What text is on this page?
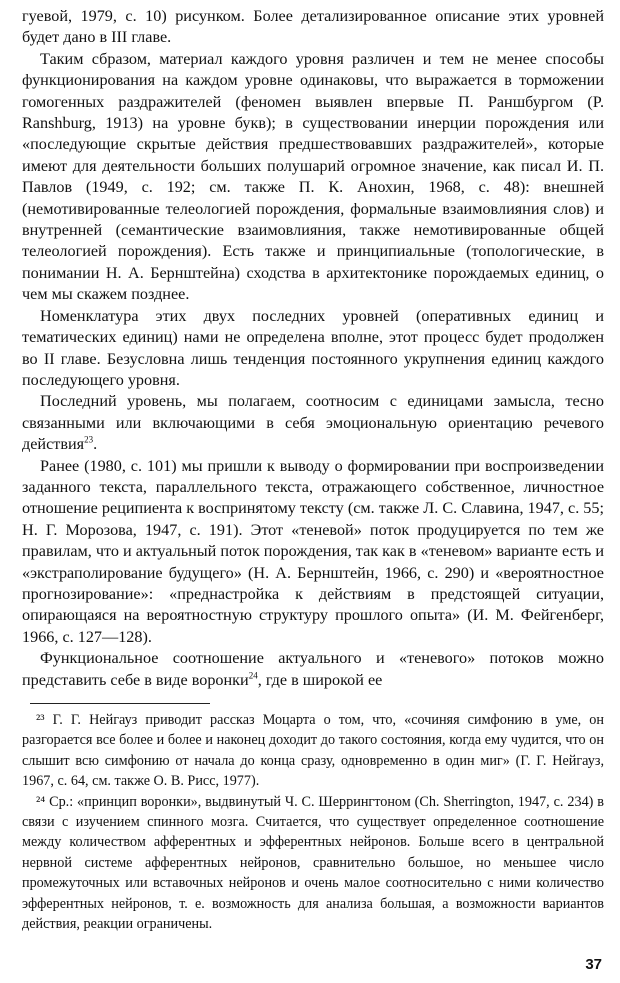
гуевой, 1979, с. 10) рисунком. Более детализированное описание этих уровней будет дано в III главе.

Таким сбразом, материал каждого уровня различен и тем не менее способы функционирования на каждом уровне одинаковы, что выражается в торможении гомогенных раздражителей (феномен выявлен впервые П. Раншбургом (P. Ranshburg, 1913) на уровне букв); в существовании инерции порождения или «последующие скрытые действия предшествовавших раздражителей», которые имеют для деятельности больших полушарий огромное значение, как писал И. П. Павлов (1949, с. 192; см. также П. К. Анохин, 1968, с. 48): внешней (немотивированные телеологией порождения, формальные взаимовлияния слов) и внутренней (семантические взаимовлияния, также немотивированные общей телеологией порождения). Есть также и принципиальные (топологические, в понимании Н. А. Бернштейна) сходства в архитектонике порождаемых единиц, о чем мы скажем позднее.

Номенклатура этих двух последних уровней (оперативных единиц и тематических единиц) нами не определена вполне, этот процесс будет продолжен во II главе. Безусловна лишь тенденция постоянного укрупнения единиц каждого последующего уровня.

Последний уровень, мы полагаем, соотносим с единицами замысла, тесно связанными или включающими в себя эмоциональную ориентацию речевого действия$^{23}$.

Ранее (1980, с. 101) мы пришли к выводу о формировании при воспроизведении заданного текста, параллельного текста, отражающего собственное, личностное отношение реципиента к воспринятому тексту (см. также Л. С. Славина, 1947, с. 55; Н. Г. Морозова, 1947, с. 191). Этот «теневой» поток продуцируется по тем же правилам, что и актуальный поток порождения, так как в «теневом» варианте есть и «экстраполирование будущего» (Н. А. Бернштейн, 1966, с. 290) и «вероятностное прогнозирование»: «преднастройка к действиям в предстоящей ситуации, опирающаяся на вероятностную структуру прошлого опыта» (И. М. Фейгенберг, 1966, с. 127—128).

Функциональное соотношение актуального и «теневого» потоков можно представить себе в виде воронки$^{24}$, где в широкой ее

²³ Г. Г. Нейгауз приводит рассказ Моцарта о том, что, «сочиняя симфонию в уме, он разгорается все более и более и наконец доходит до такого состояния, когда ему чудится, что он слышит всю симфонию от начала до конца сразу, одновременно в один миг» (Г. Г. Нейгауз, 1967, с. 64, см. также О. В. Рисс, 1977).

²⁴ Ср.: «принцип воронки», выдвинутый Ч. С. Шеррингтоном (Ch. Sherrington, 1947, с. 234) в связи с изучением спинного мозга. Считается, что существует определенное соотношение между количеством афферентных и эфферентных нейронов. Больше всего в центральной нервной системе афферентных нейронов, сравнительно большое, но меньшее число промежуточных или вставочных нейронов и очень малое соотносительно с ними количество эфферентных нейронов, т. е. возможность для анализа большая, а возможности вариантов действия, реакции ограничены.

37
